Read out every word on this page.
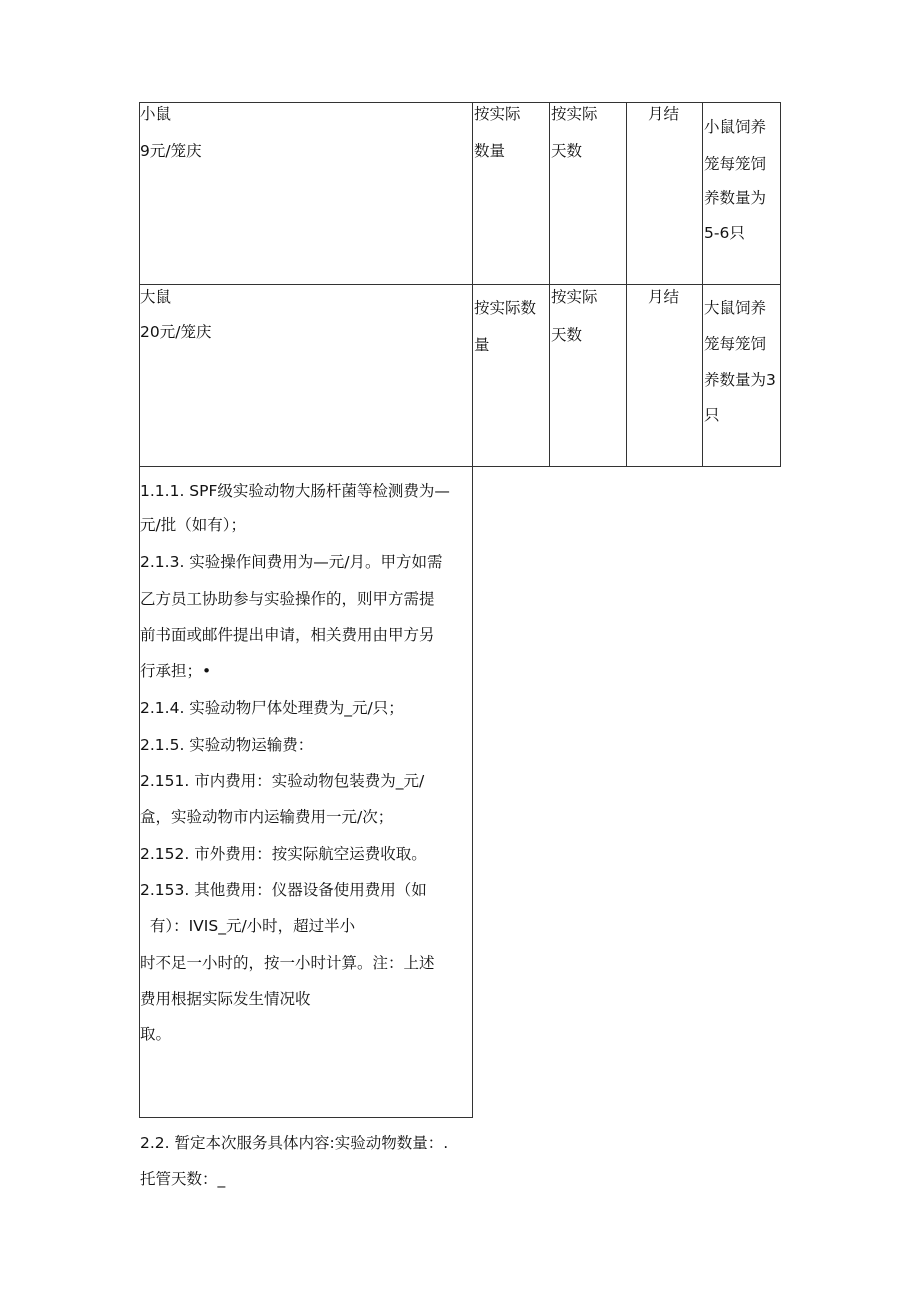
小鼠
9元/笼庆
按实际
数量
按实际
天数
月结
小鼠饲养
笼每笼饲
养数量为
5-6只
大鼠
20元/笼庆
按实际数
量
按实际
天数
月结
大鼠饲养
笼每笼饲
养数量为3
只
1.1.1. SPF级实验动物大肠杆菌等检测费为—
元/批（如有）；
2.1.3. 实验操作间费用为—元/月。甲方如需
乙方员工协助参与实验操作的，则甲方需提
前书面或邮件提出申请，相关费用由甲方另
行承担；•
2.1.4. 实验动物尸体处理费为_元/只；
2.1.5. 实验动物运输费：
2.151. 市内费用：实验动物包装费为_元/
盒，实验动物市内运输费用一元/次；
2.152. 市外费用：按实际航空运费收取。
2.153. 其他费用：仪器设备使用费用（如
有）：IVIS_元/小时，超过半小
时不足一小时的，按一小时计算。注：上述
费用根据实际发生情况收
取。
2.2. 暂定本次服务具体内容:实验动物数量：.
托管天数：_
